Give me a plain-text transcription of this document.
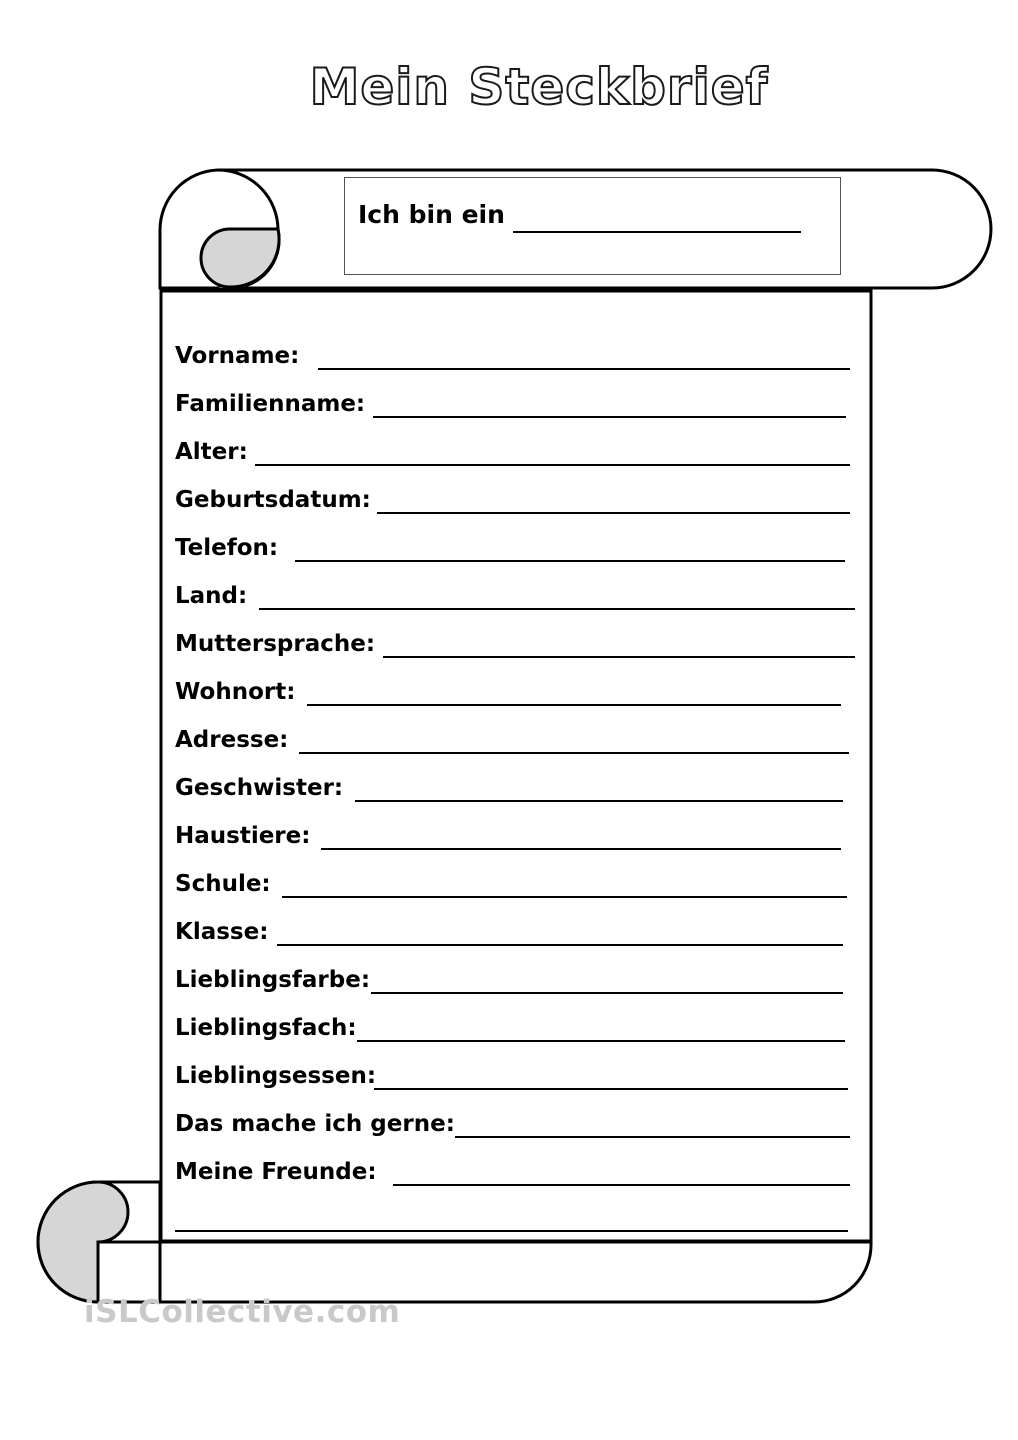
Mein Steckbrief
Ich bin ein
Vorname:
Familienname:
Alter:
Geburtsdatum:
Telefon:
Land:
Muttersprache:
Wohnort:
Adresse:
Geschwister:
Haustiere:
Schule:
Klasse:
Lieblingsfarbe:
Lieblingsfach:
Lieblingsessen:
Das mache ich gerne:
Meine Freunde:
iSLCollective.com
